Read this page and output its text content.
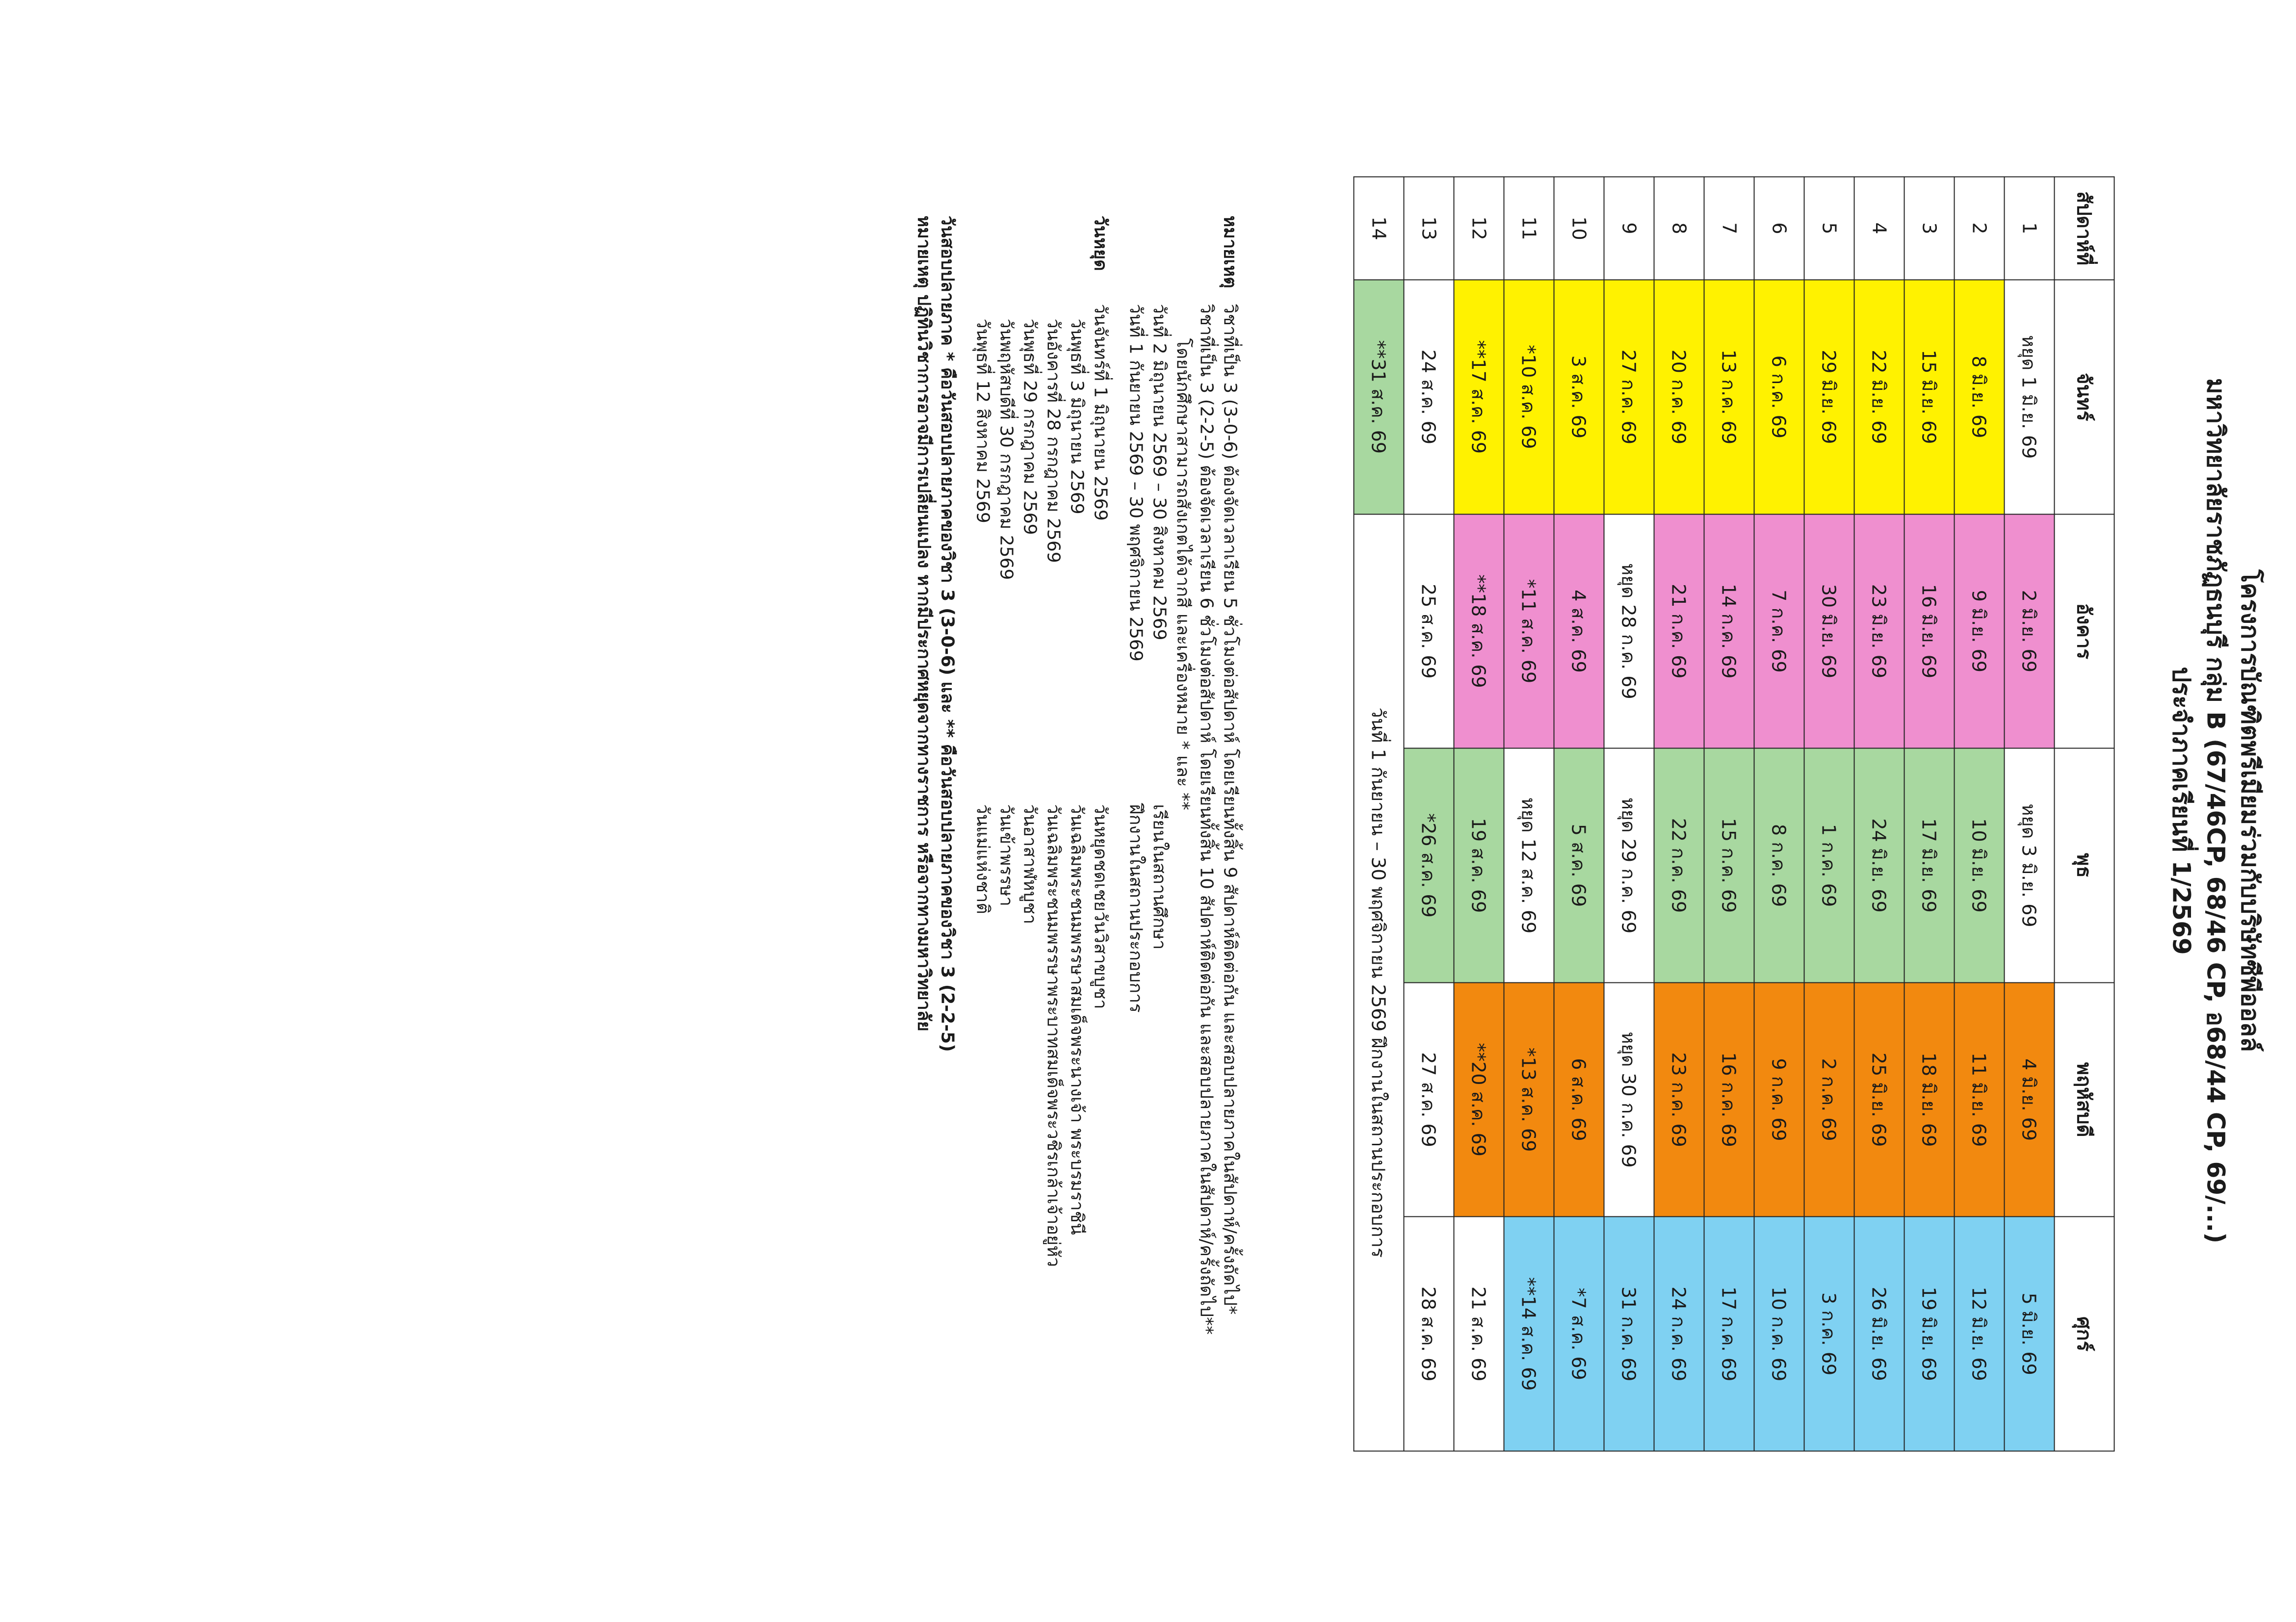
โครงการบัณฑิตพรีเมียมร่วมกับบริษัทซีพีออลล์
มหาวิทยาลัยราชภัฏธนบุรี กลุ่ม B (67/46CP, 68/46 CP, อ68/44 CP, 69/...)
ประจำภาคเรียนที่ 1/2569
สัปดาห์ที่	จันทร์	อังคาร	พุธ	พฤหัสบดี	ศุกร์
1	หยุด 1 มิ.ย. 69	2 มิ.ย. 69	หยุด 3 มิ.ย. 69	4 มิ.ย. 69	5 มิ.ย. 69
2	8 มิ.ย. 69	9 มิ.ย. 69	10 มิ.ย. 69	11 มิ.ย. 69	12 มิ.ย. 69
3	15 มิ.ย. 69	16 มิ.ย. 69	17 มิ.ย. 69	18 มิ.ย. 69	19 มิ.ย. 69
4	22 มิ.ย. 69	23 มิ.ย. 69	24 มิ.ย. 69	25 มิ.ย. 69	26 มิ.ย. 69
5	29 มิ.ย. 69	30 มิ.ย. 69	1 ก.ค. 69	2 ก.ค. 69	3 ก.ค. 69
6	6 ก.ค. 69	7 ก.ค. 69	8 ก.ค. 69	9 ก.ค. 69	10 ก.ค. 69
7	13 ก.ค. 69	14 ก.ค. 69	15 ก.ค. 69	16 ก.ค. 69	17 ก.ค. 69
8	20 ก.ค. 69	21 ก.ค. 69	22 ก.ค. 69	23 ก.ค. 69	24 ก.ค. 69
9	27 ก.ค. 69	หยุด 28 ก.ค. 69	หยุด 29 ก.ค. 69	หยุด 30 ก.ค. 69	31 ก.ค. 69
10	3 ส.ค. 69	4 ส.ค. 69	5 ส.ค. 69	6 ส.ค. 69	*7 ส.ค. 69
11	*10 ส.ค. 69	*11 ส.ค. 69	หยุด 12 ส.ค. 69	*13 ส.ค. 69	**14 ส.ค. 69
12	**17 ส.ค. 69	**18 ส.ค. 69	19 ส.ค. 69	**20 ส.ค. 69	21 ส.ค. 69
13	24 ส.ค. 69	25 ส.ค. 69	*26 ส.ค. 69	27 ส.ค. 69	28 ส.ค. 69
14	**31 ส.ค. 69	วันที่ 1 กันยายน – 30 พฤศจิกายน 2569 ฝึกงานในสถานประกอบการ			
หมายเหตุ
วิชาที่เป็น 3 (3-0-6) ต้องจัดเวลาเรียน 5 ชั่วโมงต่อสัปดาห์ โดยเรียนทั้งสิ้น 9 สัปดาห์ติดต่อกัน และสอบปลายภาคในสัปดาห์/ครั้งถัดไป*
วิชาที่เป็น 3 (2-2-5) ต้องจัดเวลาเรียน 6 ชั่วโมงต่อสัปดาห์ โดยเรียนทั้งสิ้น 10 สัปดาห์ติดต่อกัน และสอบปลายภาคในสัปดาห์/ครั้งถัดไป**
โดยนักศึกษาสามารถสังเกตได้จากสี และเครื่องหมาย * และ **
วันที่ 2 มิถุนายน 2569 – 30 สิงหาคม 2569
เรียนในสถานศึกษา
วันที่ 1 กันยายน 2569 – 30 พฤศจิกายน 2569
ฝึกงานในสถานประกอบการ
วันหยุด
วันจันทร์ที่ 1 มิถุนายน 2569
วันหยุดชดเชยวันวิสาขบูชา
วันพุธที่ 3 มิถุนายน 2569
วันเฉลิมพระชนมพรรษาสมเด็จพระนางเจ้า พระบรมราชินี
วันอังคารที่ 28 กรกฎาคม 2569
วันเฉลิมพระชนมพรรษาพระบาทสมเด็จพระวชิรเกล้าเจ้าอยู่หัว
วันพุธที่ 29 กรกฎาคม 2569
วันอาสาฬหบูชา
วันพฤหัสบดีที่ 30 กรกฎาคม 2569
วันเข้าพรรษา
วันพุธที่ 12 สิงหาคม 2569
วันแม่แห่งชาติ
วันสอบปลายภาค * คือวันสอบปลายภาคของวิชา 3 (3-0-6) และ ** คือวันสอบปลายภาคของวิชา 3 (2-2-5)
หมายเหตุ ปฏิทินวิชาการอาจมีการเปลี่ยนแปลง หากมีประกาศหยุดจากทางราชการ หรือจากทางมหาวิทยาลัย
